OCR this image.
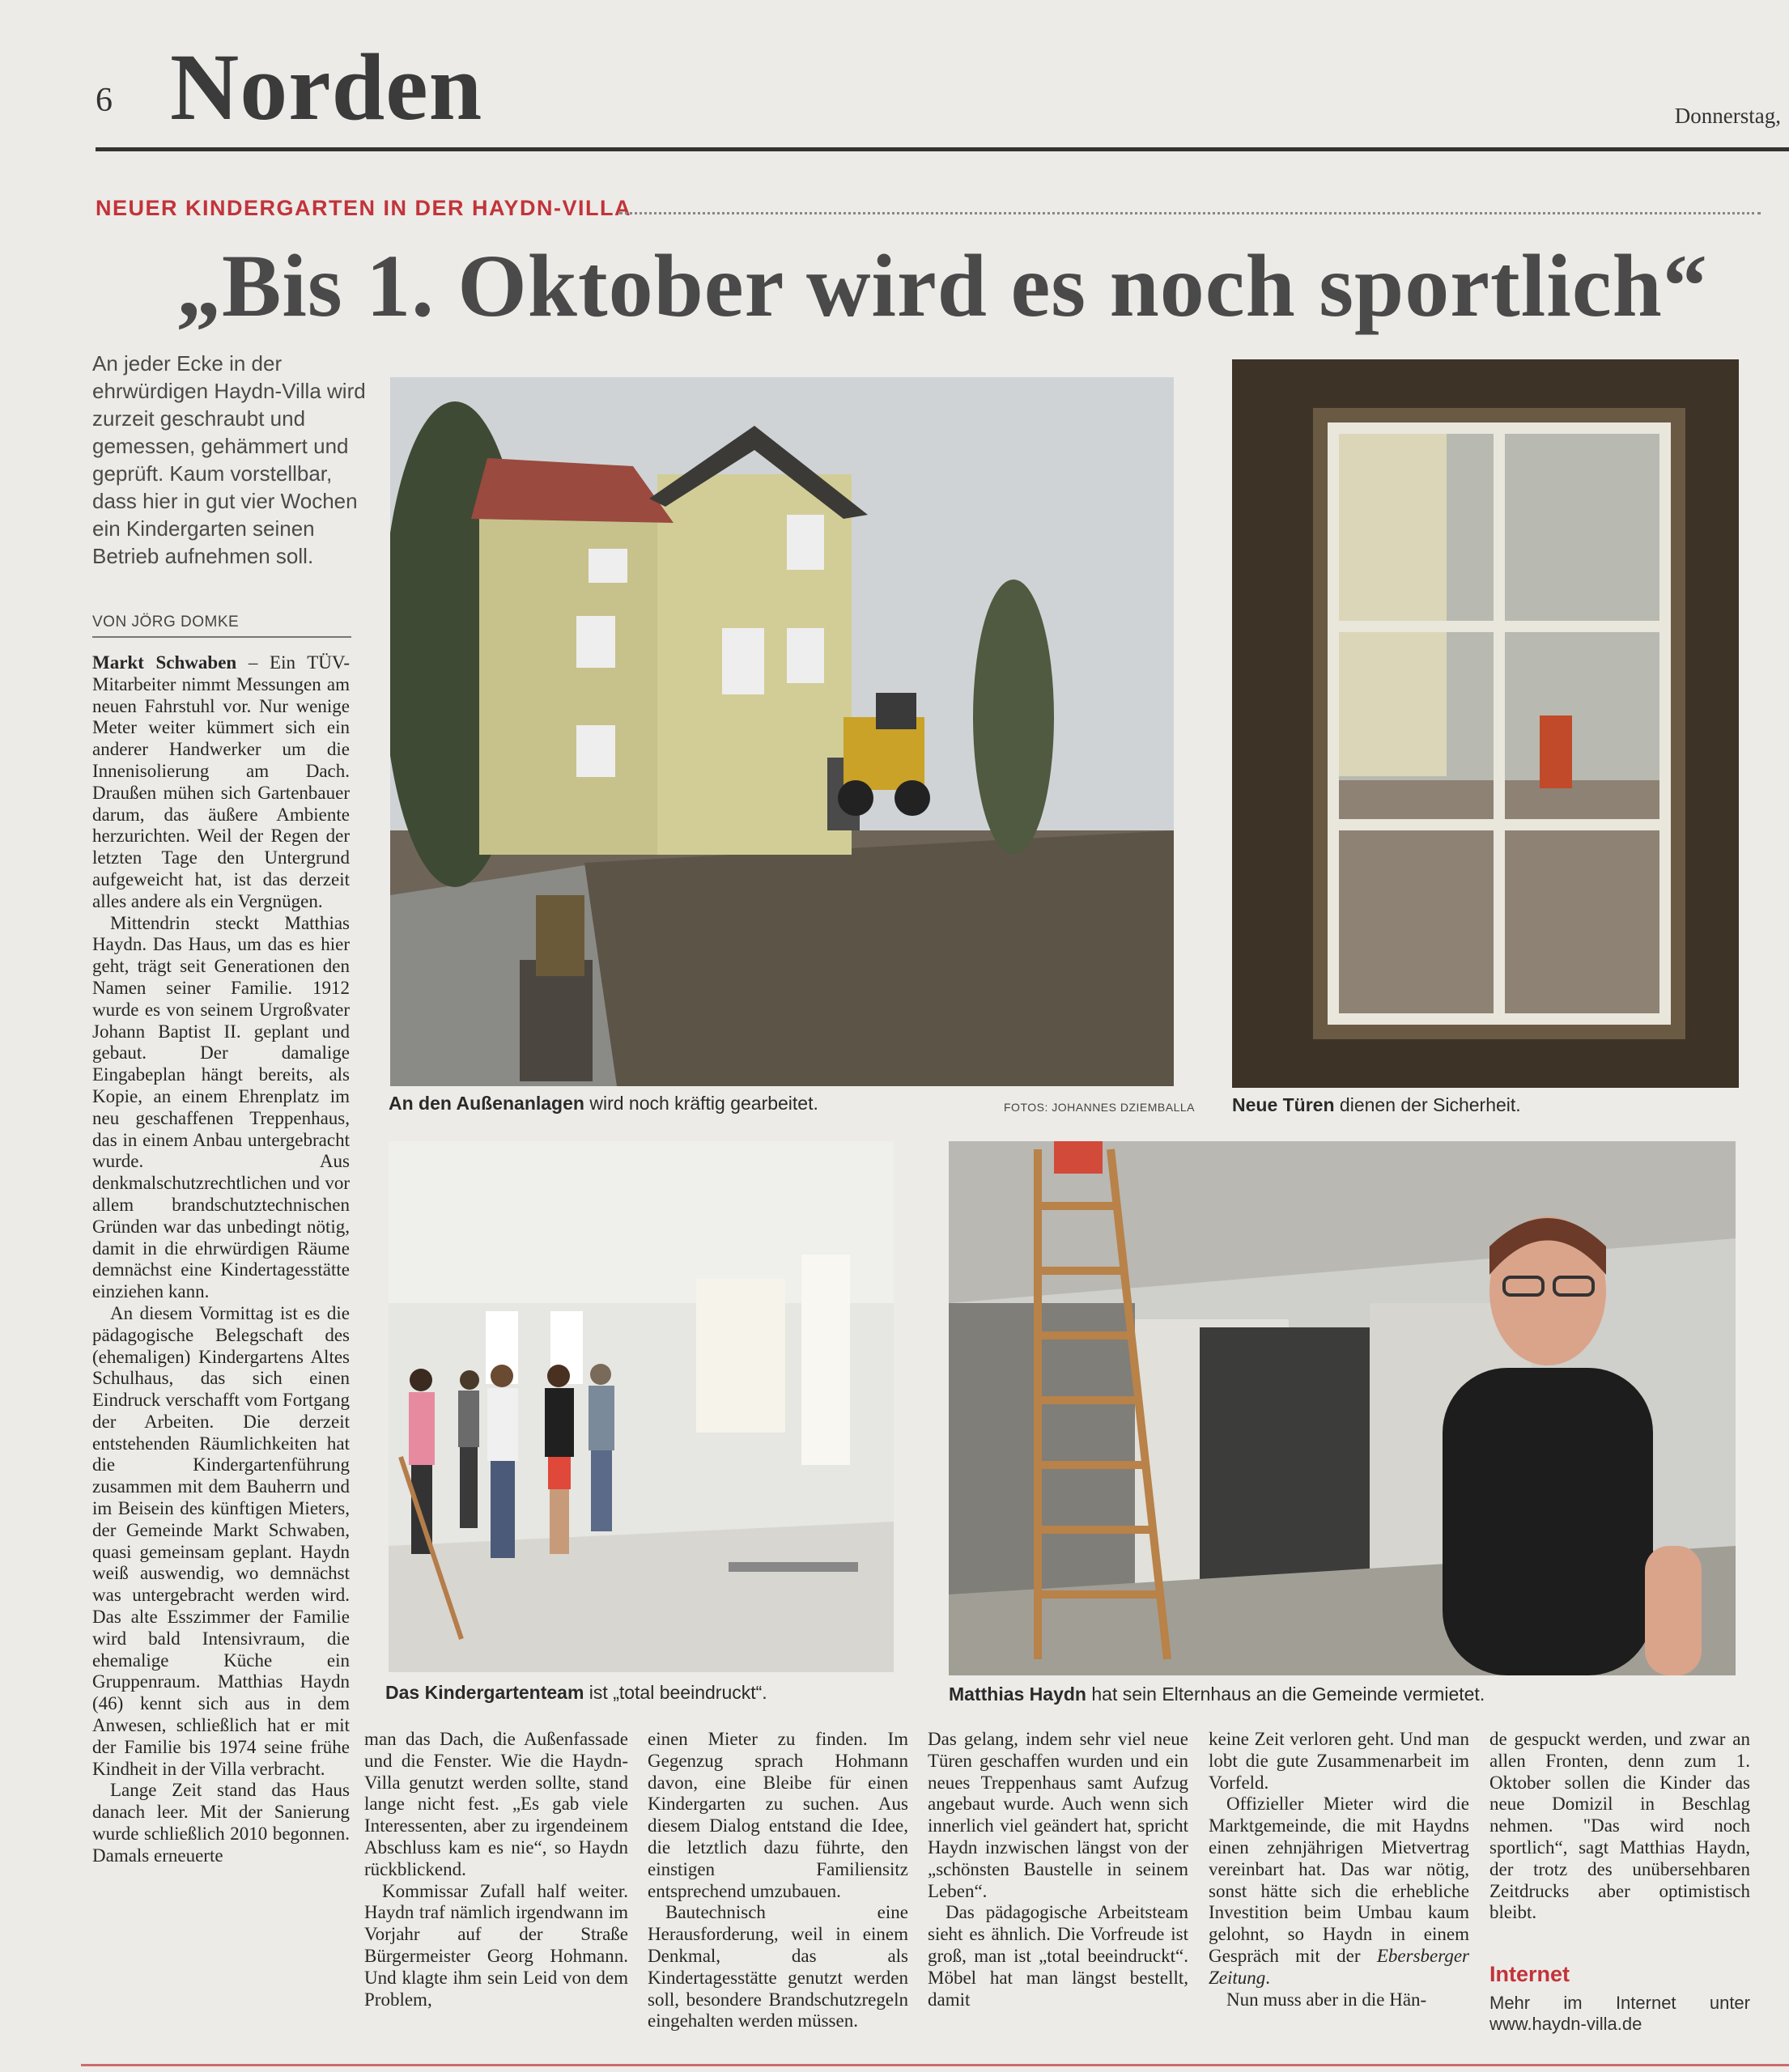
6 Norden	Donnerstag,
NEUER KINDERGARTEN IN DER HAYDN-VILLA
„Bis 1. Oktober wird es noch sportlich“
An jeder Ecke in der ehrwürdigen Haydn-Villa wird zurzeit geschraubt und gemessen, gehämmert und geprüft. Kaum vorstellbar, dass hier in gut vier Wochen ein Kindergarten seinen Betrieb aufnehmen soll.
VON JÖRG DOMKE

Markt Schwaben – Ein TÜV-Mitarbeiter nimmt Messungen am neuen Fahrstuhl vor. Nur wenige Meter weiter kümmert sich ein anderer Handwerker um die Innenisolierung am Dach. Draußen mühen sich Gartenbauer darum, das äußere Ambiente herzurichten. Weil der Regen der letzten Tage den Untergrund aufgeweicht hat, ist das derzeit alles andere als ein Vergnügen.

Mittendrin steckt Matthias Haydn. Das Haus, um das es hier geht, trägt seit Generationen den Namen seiner Familie. 1912 wurde es von seinem Urgroßvater Johann Baptist II. geplant und gebaut. Der damalige Eingabeplan hängt bereits, als Kopie, an einem Ehrenplatz im neu geschaffenen Treppenhaus, das in einem Anbau untergebracht wurde. Aus denkmalschutzrechtlichen und vor allem brandschutztechnischen Gründen war das unbedingt nötig, damit in die ehrwürdigen Räume demnächst eine Kindertagesstätte einziehen kann.

An diesem Vormittag ist es die pädagogische Belegschaft des (ehemaligen) Kindergartens Altes Schulhaus, das sich einen Eindruck verschafft vom Fortgang der Arbeiten. Die derzeit entstehenden Räumlichkeiten hat die Kindergartenführung zusammen mit dem Bauherrn und im Beisein des künftigen Mieters, der Gemeinde Markt Schwaben, quasi gemeinsam geplant. Haydn weiß auswendig, wo demnächst was untergebracht werden wird. Das alte Esszimmer der Familie wird bald Intensivraum, die ehemalige Küche ein Gruppenraum. Matthias Haydn (46) kennt sich aus in dem Anwesen, schließlich hat er mit der Familie bis 1974 seine frühe Kindheit in der Villa verbracht.

Lange Zeit stand das Haus danach leer. Mit der Sanierung wurde schließlich 2010 begonnen. Damals erneuerte

An den Außenanlagen wird noch kräftig gearbeitet.	FOTOS: JOHANNES DZIEMBALLA Neue Türen dienen der Sicherheit.
Das Kindergartenteam ist „total beeindruckt“.	Matthias Haydn hat sein Elternhaus an die Gemeinde vermietet.

man das Dach, die Außenfassade und die Fenster. Wie die Haydn-Villa genutzt werden sollte, stand lange nicht fest. „Es gab viele Interessenten, aber zu irgendeinem Abschluss kam es nie“, so Haydn rückblickend.

Kommissar Zufall half weiter. Haydn traf nämlich irgendwann im Vorjahr auf der Straße Bürgermeister Georg Hohmann. Und klagte ihm sein Leid von dem Problem,

einen Mieter zu finden. Im Gegenzug sprach Hohmann davon, eine Bleibe für einen Kindergarten zu suchen. Aus diesem Dialog entstand die Idee, die letztlich dazu führte, den einstigen Familiensitz entsprechend umzubauen.

Bautechnisch eine Herausforderung, weil in einem Denkmal, das als Kindertagesstätte genutzt werden soll, besondere Brandschutzregeln eingehalten werden müssen.

Das gelang, indem sehr viel neue Türen geschaffen wurden und ein neues Treppenhaus samt Aufzug angebaut wurde. Auch wenn sich innerlich viel geändert hat, spricht Haydn inzwischen längst von der „schönsten Baustelle in seinem Leben“.

Das pädagogische Arbeitsteam sieht es ähnlich. Die Vorfreude ist groß, man ist „total beeindruckt“. Möbel hat man längst bestellt, damit

keine Zeit verloren geht. Und man lobt die gute Zusammenarbeit im Vorfeld.

Offizieller Mieter wird die Marktgemeinde, die mit Haydns einen zehnjährigen Mietvertrag vereinbart hat. Das war nötig, sonst hätte sich die erhebliche Investition beim Umbau kaum gelohnt, so Haydn in einem Gespräch mit der Ebersberger Zeitung.

Nun muss aber in die Hän-

de gespuckt werden, und zwar an allen Fronten, denn zum 1. Oktober sollen die Kinder das neue Domizil in Beschlag nehmen. "Das wird noch sportlich“, sagt Matthias Haydn, der trotz des unübersehbaren Zeitdrucks aber optimistisch bleibt.

Internet
Mehr im Internet unter
www.haydn-villa.de
